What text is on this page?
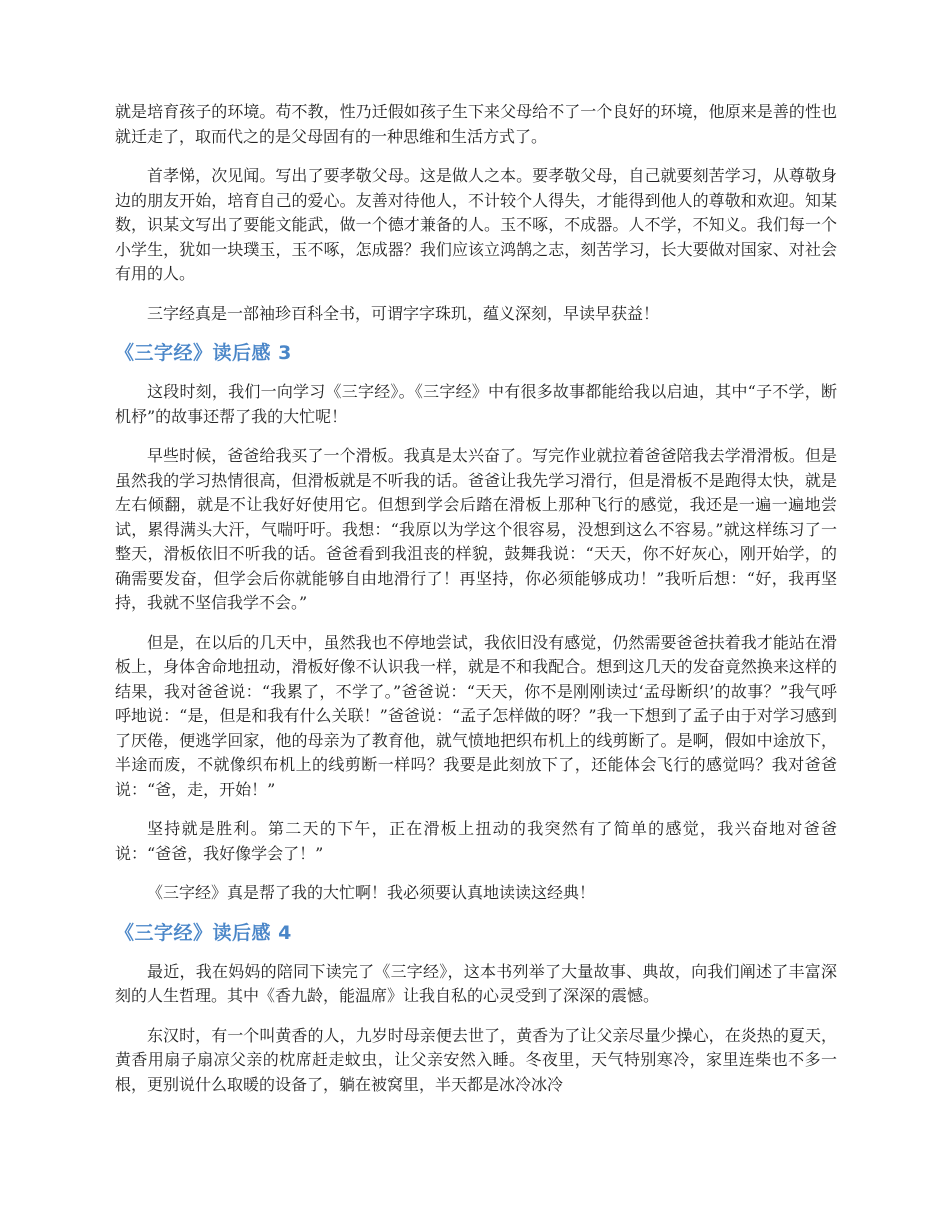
就是培育孩子的环境。苟不教，性乃迁假如孩子生下来父母给不了一个良好的环境，他原来是善的性也就迁走了，取而代之的是父母固有的一种思维和生活方式了。

首孝悌，次见闻。写出了要孝敬父母。这是做人之本。要孝敬父母，自己就要刻苦学习，从尊敬身边的朋友开始，培育自己的爱心。友善对待他人，不计较个人得失，才能得到他人的尊敬和欢迎。知某数，识某文写出了要能文能武，做一个德才兼备的人。玉不啄，不成器。人不学，不知义。我们每一个小学生，犹如一块璞玉，玉不啄，怎成器？我们应该立鸿鹄之志，刻苦学习，长大要做对国家、对社会有用的人。

三字经真是一部袖珍百科全书，可谓字字珠玑，蕴义深刻，早读早获益！

《三字经》读后感 3

这段时刻，我们一向学习《三字经》。《三字经》中有很多故事都能给我以启迪，其中“子不学，断机杼”的故事还帮了我的大忙呢！

早些时候，爸爸给我买了一个滑板。我真是太兴奋了。写完作业就拉着爸爸陪我去学滑滑板。但是虽然我的学习热情很高，但滑板就是不听我的话。爸爸让我先学习滑行，但是滑板不是跑得太快，就是左右倾翻，就是不让我好好使用它。但想到学会后踏在滑板上那种飞行的感觉，我还是一遍一遍地尝试，累得满头大汗，气喘吁吁。我想：“我原以为学这个很容易，没想到这么不容易。”就这样练习了一整天，滑板依旧不听我的话。爸爸看到我沮丧的样貌，鼓舞我说：“天天，你不好灰心，刚开始学，的确需要发奋，但学会后你就能够自由地滑行了！再坚持，你必须能够成功！”我听后想：“好，我再坚持，我就不坚信我学不会。”

但是，在以后的几天中，虽然我也不停地尝试，我依旧没有感觉，仍然需要爸爸扶着我才能站在滑板上，身体舍命地扭动，滑板好像不认识我一样，就是不和我配合。想到这几天的发奋竟然换来这样的结果，我对爸爸说：“我累了，不学了。”爸爸说：“天天，你不是刚刚读过‘孟母断织’的故事？”我气呼呼地说：“是，但是和我有什么关联！”爸爸说：“孟子怎样做的呀？”我一下想到了孟子由于对学习感到了厌倦，便逃学回家，他的母亲为了教育他，就气愤地把织布机上的线剪断了。是啊，假如中途放下，半途而废，不就像织布机上的线剪断一样吗？我要是此刻放下了，还能体会飞行的感觉吗？我对爸爸说：“爸，走，开始！”

坚持就是胜利。第二天的下午，正在滑板上扭动的我突然有了简单的感觉，我兴奋地对爸爸说：“爸爸，我好像学会了！”

《三字经》真是帮了我的大忙啊！我必须要认真地读读这经典！

《三字经》读后感 4

最近，我在妈妈的陪同下读完了《三字经》，这本书列举了大量故事、典故，向我们阐述了丰富深刻的人生哲理。其中《香九龄，能温席》让我自私的心灵受到了深深的震憾。

东汉时，有一个叫黄香的人，九岁时母亲便去世了，黄香为了让父亲尽量少操心，在炎热的夏天，黄香用扇子扇凉父亲的枕席赶走蚊虫，让父亲安然入睡。冬夜里，天气特别寒冷，家里连柴也不多一根，更别说什么取暖的设备了，躺在被窝里，半天都是冰冷冰冷
